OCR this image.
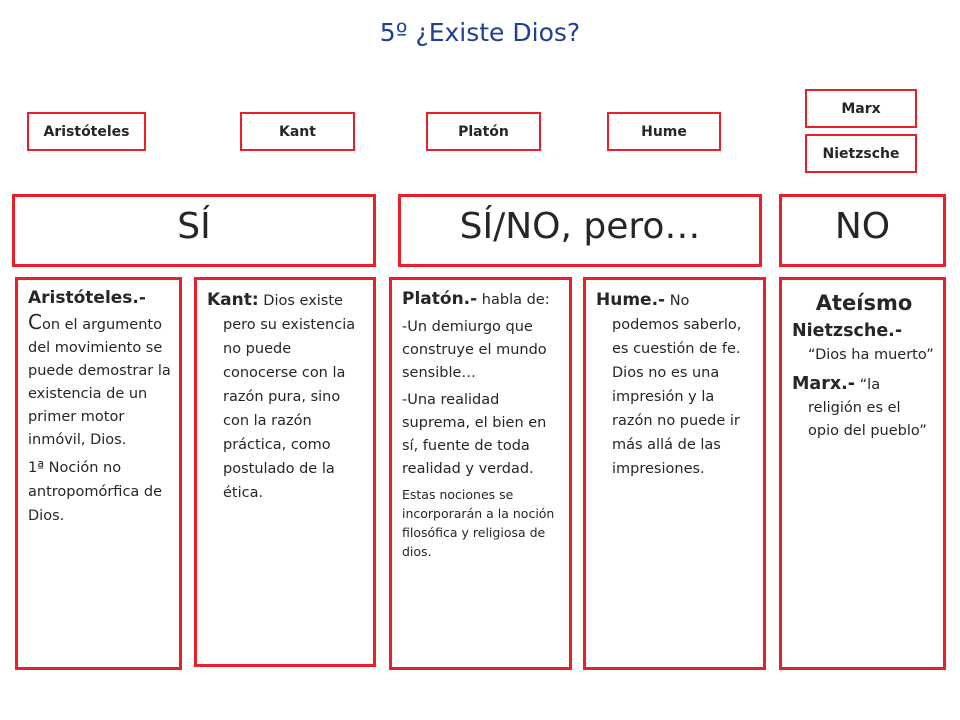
5º ¿Existe Dios?
Aristóteles	Kant	Platón	Hume
Marx
Nietzsche
SÍ	SÍ/NO, pero…	NO

Aristóteles.-
Con el argumento del movimiento se puede demostrar la existencia de un primer motor inmóvil, Dios.

1ª Noción no antropomórfica de Dios.

Kant: Dios existe pero su existencia no puede conocerse con la razón pura, sino con la razón práctica, como postulado de la ética.

Platón.- habla de:

-Un demiurgo que construye el mundo sensible…

-Una realidad suprema, el bien en sí, fuente de toda realidad y verdad.

Estas nociones se incorporarán a la noción filosófica y religiosa de dios.

Hume.- No podemos saberlo, es cuestión de fe. Dios no es una impresión y la razón no puede ir más allá de las impresiones.

Ateísmo

Nietzsche.-
“Dios ha muerto”

Marx.- “la religión es el opio del pueblo”
